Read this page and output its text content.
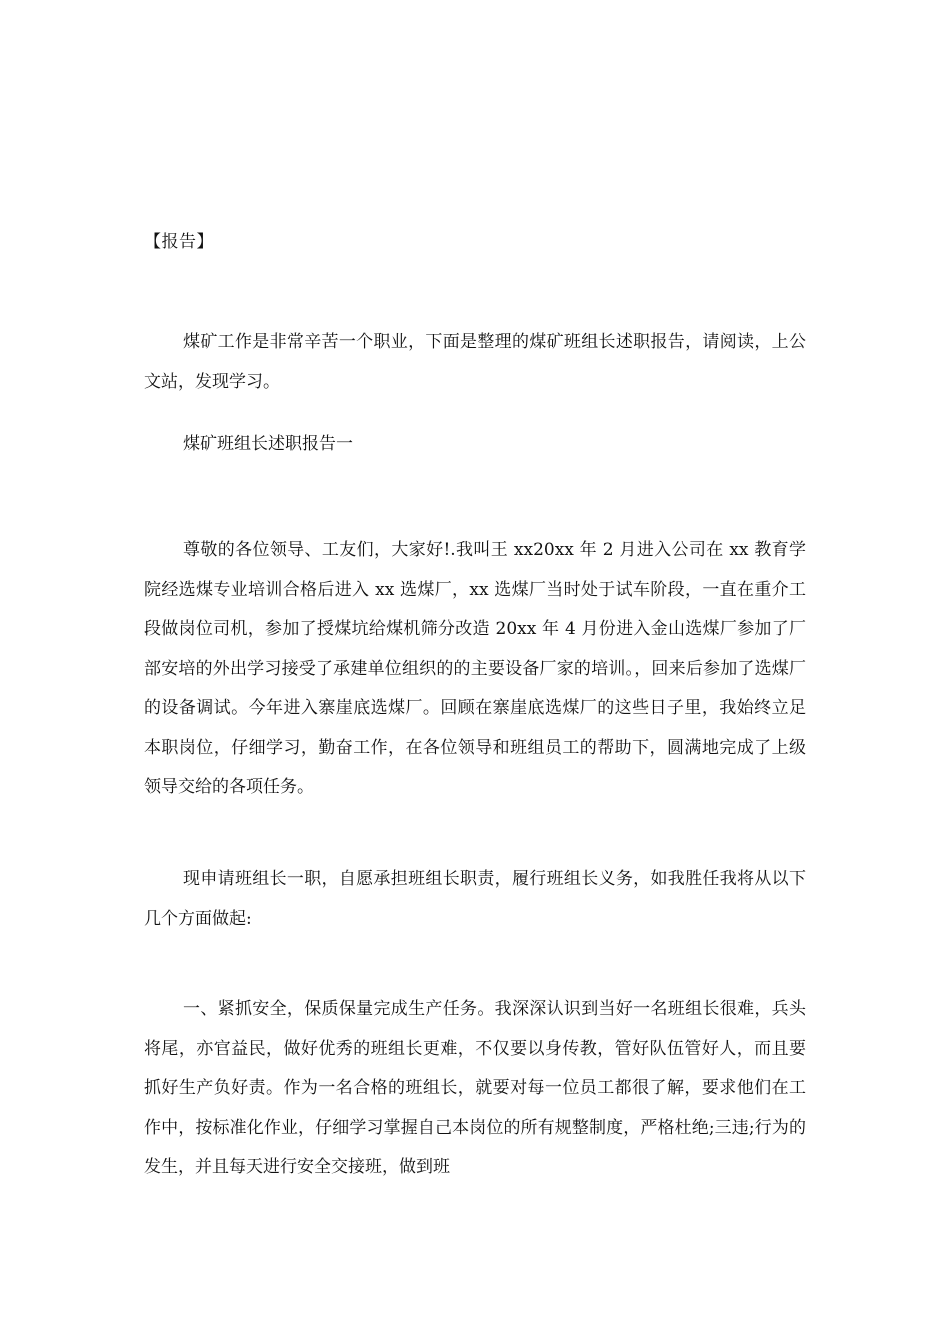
【报告】

煤矿工作是非常辛苦一个职业，下面是整理的煤矿班组长述职报告，请阅读，上公文站，发现学习。

煤矿班组长述职报告一

尊敬的各位领导、工友们，大家好!.我叫王 xx20xx 年 2 月进入公司在 xx 教育学院经选煤专业培训合格后进入 xx 选煤厂，xx 选煤厂当时处于试车阶段，一直在重介工段做岗位司机，参加了授煤坑给煤机筛分改造 20xx 年 4 月份进入金山选煤厂参加了厂部安培的外出学习接受了承建单位组织的的主要设备厂家的培训。，回来后参加了选煤厂的设备调试。今年进入寨崖底选煤厂。回顾在寨崖底选煤厂的这些日子里，我始终立足本职岗位，仔细学习，勤奋工作，在各位领导和班组员工的帮助下，圆满地完成了上级领导交给的各项任务。

现申请班组长一职，自愿承担班组长职责，履行班组长义务，如我胜任我将从以下几个方面做起:

一、紧抓安全，保质保量完成生产任务。我深深认识到当好一名班组长很难，兵头将尾，亦官益民，做好优秀的班组长更难，不仅要以身传教，管好队伍管好人，而且要抓好生产负好责。作为一名合格的班组长，就要对每一位员工都很了解，要求他们在工作中，按标准化作业，仔细学习掌握自己本岗位的所有规整制度，严格杜绝;三违;行为的发生，并且每天进行安全交接班，做到班
